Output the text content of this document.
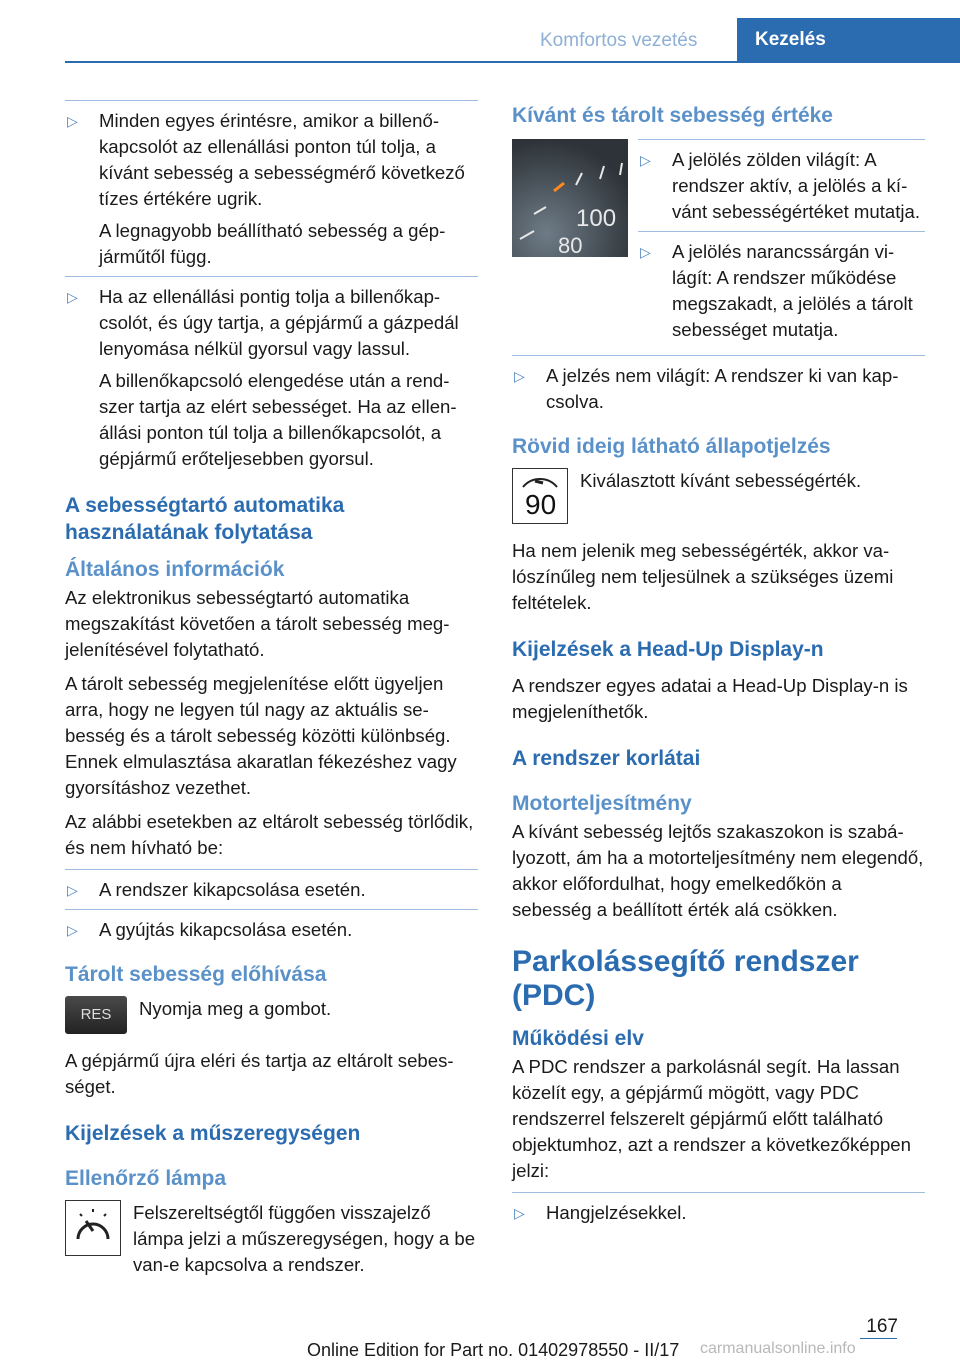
Komfortos vezetés	Kezelés
▷ Minden egyes érintésre, amikor a billenőkapcsolót az ellenállási ponton túl tolja, a kívánt sebesség a sebességmérő következő tízes értékére ugrik.

A legnagyobb beállítható sebesség a gépjárműtől függ.

▷ Ha az ellenállási pontig tolja a billenőkapcsolót, és úgy tartja, a gépjármű a gázpedál lenyomása nélkül gyorsul vagy lassul.

A billenőkapcsoló elengedése után a rendszer tartja az elért sebességet. Ha az ellenállási ponton túl tolja a billenőkapcsolót, a gépjármű erőteljesebben gyorsul.

A sebességtartó automatika használatának folytatása
Általános információk

Az elektronikus sebességtartó automatika megszakítást követően a tárolt sebesség megjelenítésével folytatható.

A tárolt sebesség megjelenítése előtt ügyeljen arra, hogy ne legyen túl nagy az aktuális sebesség és a tárolt sebesség közötti különbség. Ennek elmulasztása akaratlan fékezéshez vagy gyorsításhoz vezethet.

Az alábbi esetekben az eltárolt sebesség törlődik, és nem hívható be:

▷ A rendszer kikapcsolása esetén.

▷ A gyújtás kikapcsolása esetén.

Tárolt sebesség előhívása
RES	Nyomja meg a gombot.

A gépjármű újra eléri és tartja az eltárolt sebességet.

Kijelzések a műszeregységen
Ellenőrző lámpa

Felszereltségtől függően visszajelző lámpa jelzi a műszeregységen, hogy a be van-e kapcsolva a rendszer.

Kívánt és tárolt sebesség értéke
100
80
▷ A jelölés zölden világít: A rendszer aktív, a jelölés a kívánt sebességértéket mutatja.

▷ A jelölés narancssárgán világít: A rendszer működése megszakadt, a jelölés a tárolt sebességet mutatja.

▷ A jelzés nem világít: A rendszer ki van kapcsolva.

Rövid ideig látható állapotjelzés
90

Kiválasztott kívánt sebességérték.

Ha nem jelenik meg sebességérték, akkor valószínűleg nem teljesülnek a szükséges üzemi feltételek.

Kijelzések a Head-Up Display-n

A rendszer egyes adatai a Head-Up Display-n is megjeleníthetők.

A rendszer korlátai
Motorteljesítmény

A kívánt sebesség lejtős szakaszokon is szabályozott, ám ha a motorteljesítmény nem elegendő, akkor előfordulhat, hogy emelkedőkön a sebesség a beállított érték alá csökken.

Parkolássegítő rendszer (PDC)
Működési elv

A PDC rendszer a parkolásnál segít. Ha lassan közelít egy, a gépjármű mögött, vagy PDC rendszerrel felszerelt gépjármű előtt található objektumhoz, azt a rendszer a következőképpen jelzi:

▷ Hangjelzésekkel.

167
Online Edition for Part no. 01402978550 - II/17 carmanualsonline.info
